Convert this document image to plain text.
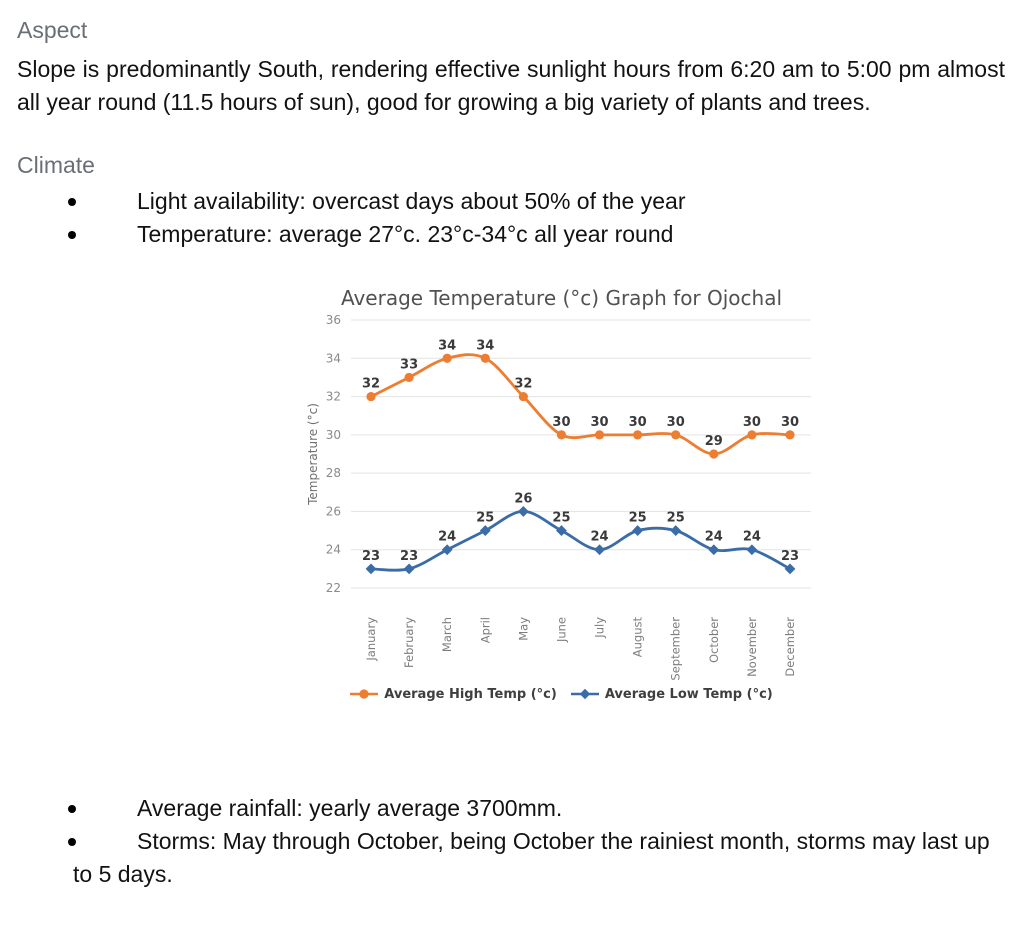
Aspect

Slope is predominantly South, rendering effective sunlight hours from 6:20 am to 5:00 pm almost all year round (11.5 hours of sun), good for growing a big variety of plants and trees.

Climate
Light availability: overcast days about 50% of the year
Temperature: average 27°c. 23°c-34°c all year round
Average Temperature (°c) Graph for Ojochal
22
24
26
28
30
32
34
36
Temperature (°c)
January February March April May June July August September October November December
32
33
34 34
32
30 30 30 30
29
30 30
23 23
24
25
26
25
24
25 25
24 24
23
Average High Temp (°c)	Average Low Temp (°c)
Average rainfall: yearly average 3700mm.
Storms: May through October, being October the rainiest month, storms may last up to 5 days.
